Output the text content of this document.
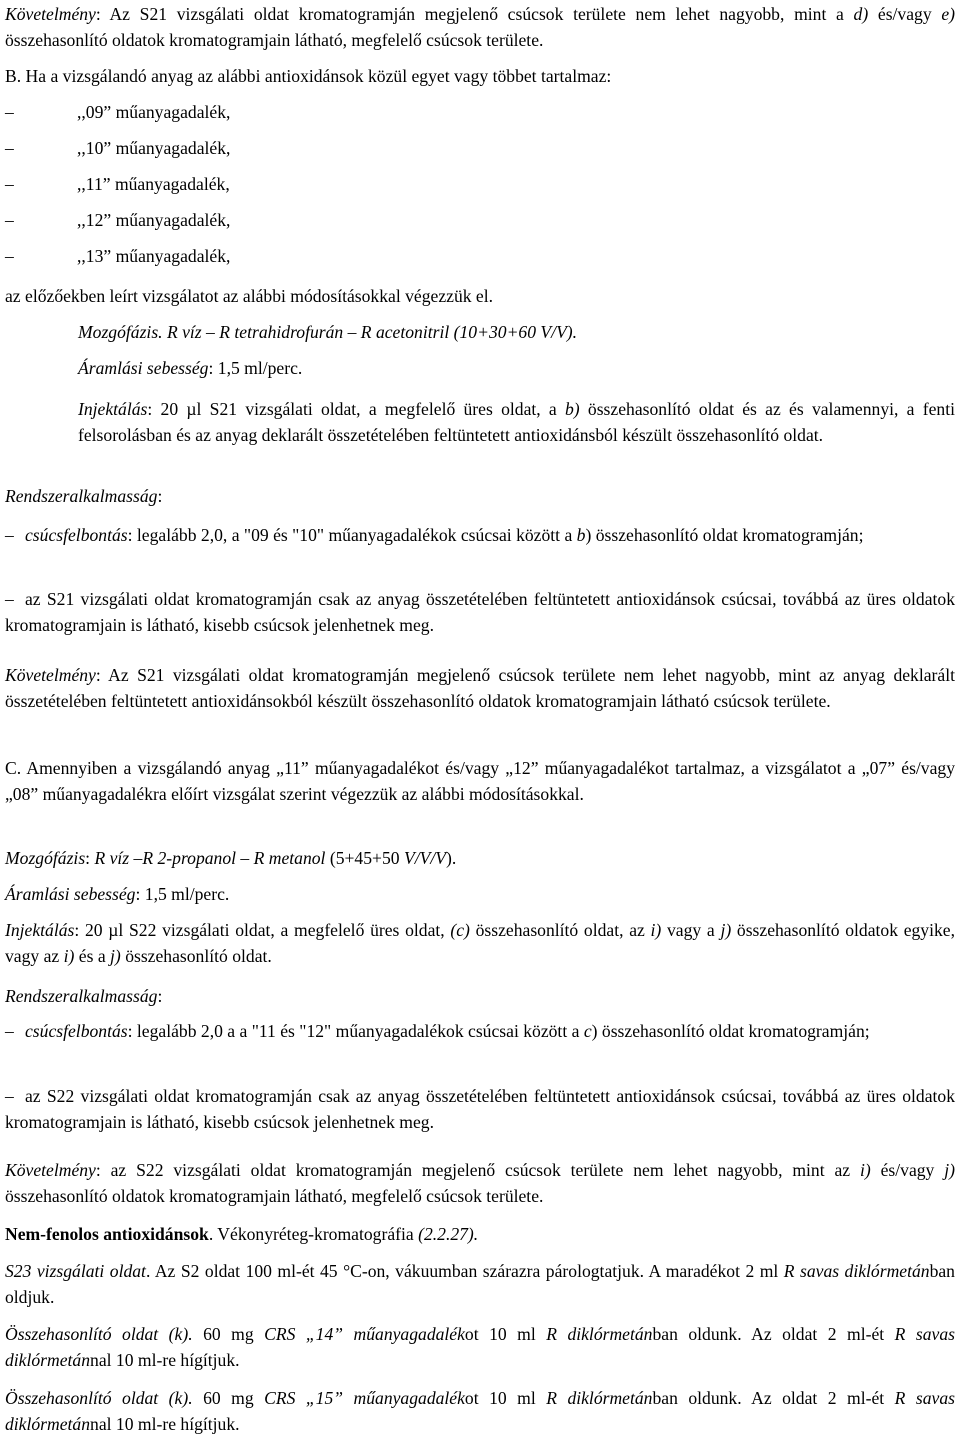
Követelmény: Az S21 vizsgálati oldat kromatogramján megjelenő csúcsok területe nem lehet nagyobb, mint a d) és/vagy e) összehasonlító oldatok kromatogramjain látható, megfelelő csúcsok területe.

B. Ha a vizsgálandó anyag az alábbi antioxidánsok közül egyet vagy többet tartalmaz:

–	,,09” műanyagadalék,

–	,,10” műanyagadalék,

–	,,11” műanyagadalék,

–	,,12” műanyagadalék,

–	,,13” műanyagadalék,

az előzőekben leírt vizsgálatot az alábbi módosításokkal végezzük el.

Mozgófázis. R víz – R tetrahidrofurán – R acetonitril (10+30+60 V/V).

Áramlási sebesség: 1,5 ml/perc.

Injektálás: 20 µl S21 vizsgálati oldat, a megfelelő üres oldat, a b) összehasonlító oldat és az és valamennyi, a fenti felsorolásban és az anyag deklarált összetételében feltüntetett antioxidánsból készült összehasonlító oldat.

Rendszeralkalmasság:

– csúcsfelbontás: legalább 2,0, a "09 és "10" műanyagadalékok csúcsai között a b) összehasonlító oldat kromatogramján;

– az S21 vizsgálati oldat kromatogramján csak az anyag összetételében feltüntetett antioxidánsok csúcsai, továbbá az üres oldatok kromatogramjain is látható, kisebb csúcsok jelenhetnek meg.

Követelmény: Az S21 vizsgálati oldat kromatogramján megjelenő csúcsok területe nem lehet nagyobb, mint az anyag deklarált összetételében feltüntetett antioxidánsokból készült összehasonlító oldatok kromatogramjain látható csúcsok területe.

C. Amennyiben a vizsgálandó anyag „11” műanyagadalékot és/vagy „12” műanyagadalékot tartalmaz, a vizsgálatot a „07” és/vagy „08” műanyagadalékra előírt vizsgálat szerint végezzük az alábbi módosításokkal.

Mozgófázis: R víz –R 2-propanol – R metanol (5+45+50 V/V/V).

Áramlási sebesség: 1,5 ml/perc.

Injektálás: 20 µl S22 vizsgálati oldat, a megfelelő üres oldat, (c) összehasonlító oldat, az i) vagy a j) összehasonlító oldatok egyike, vagy az i) és a j) összehasonlító oldat.

Rendszeralkalmasság:

– csúcsfelbontás: legalább 2,0 a a "11 és "12" műanyagadalékok csúcsai között a c) összehasonlító oldat kromatogramján;

– az S22 vizsgálati oldat kromatogramján csak az anyag összetételében feltüntetett antioxidánsok csúcsai, továbbá az üres oldatok kromatogramjain is látható, kisebb csúcsok jelenhetnek meg.

Követelmény: az S22 vizsgálati oldat kromatogramján megjelenő csúcsok területe nem lehet nagyobb, mint az i) és/vagy j) összehasonlító oldatok kromatogramjain látható, megfelelő csúcsok területe.

Nem-fenolos antioxidánsok. Vékonyréteg-kromatográfia (2.2.27).

S23 vizsgálati oldat. Az S2 oldat 100 ml-ét 45 °C-on, vákuumban szárazra párologtatjuk. A maradékot 2 ml R savas diklórmetánban oldjuk.

Összehasonlító oldat (k). 60 mg CRS „14” műanyagadalékot 10 ml R diklórmetánban oldunk. Az oldat 2 ml-ét R savas diklórmetánnal 10 ml-re hígítjuk.

Összehasonlító oldat (k). 60 mg CRS „15” műanyagadalékot 10 ml R diklórmetánban oldunk. Az oldat 2 ml-ét R savas diklórmetánnal 10 ml-re hígítjuk.
